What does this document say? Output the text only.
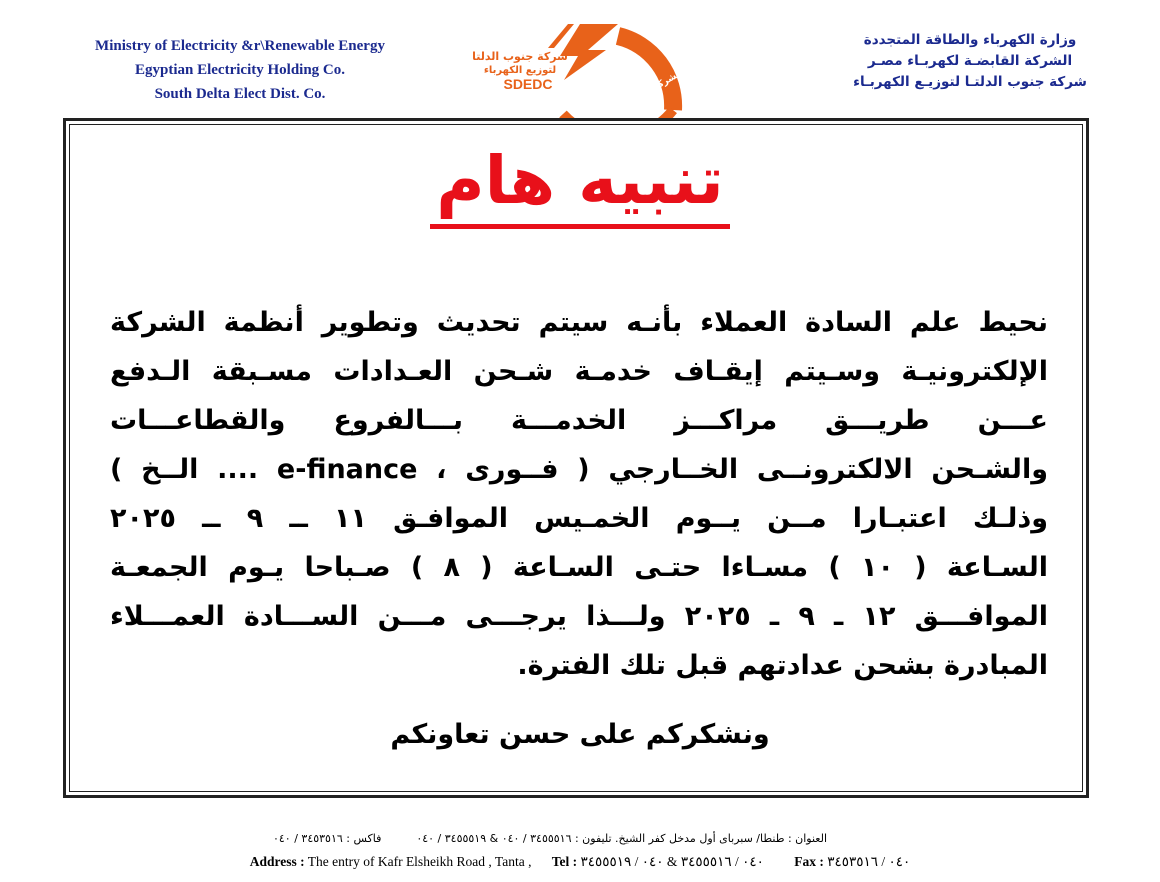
Ministry of Electricity &r\Renewable Energy
Egyptian Electricity Holding Co.
South Delta Elect Dist. Co.
شركة جنوب الدلتا
لتوزيع الكهرباء
SDEDC الشركة القابضة لكهرباء مصر
وزارة الكهرباء والطاقة المتجددة
الشركة القابضـة لكهربـاء مصـر
شركة جنوب الدلتـا لتوزيـع الكهربـاء
تنبيه هام
نحيط علم السادة العملاء بأنـه سيتم تحديث وتطوير أنظمة الشركة
الإلكترونيـة وسـيتم إيقـاف خدمـة شـحن العـدادات مسـبقة الـدفع
عـــن طريـــق مراكـــز الخدمـــة بـــالفروع والقطاعـــات
والشـحن الالكترونــى الخــارجي ( فــورى ، e-finance .... الــخ )
وذلـك اعتبـارا مــن يــوم الخمـيس الموافـق ١١ ــ ٩ ــ ٢٠٢٥
السـاعة ( ١٠ ) مسـاءا حتـى السـاعة ( ٨ ) صـباحا يـوم الجمعـة
الموافـــق ١٢ ـ ٩ ـ ٢٠٢٥ ولـــذا يرجـــى مـــن الســـادة العمـــلاء
المبادرة بشحن عدادتهم قبل تلك الفترة.
ونشكركم على حسن تعاونكم
العنوان : طنطا/ سبرباى أول مدخل كفر الشيخ. تليفون : ٣٤٥٥٥١٦ / ٠٤٠ & ٣٤٥٥٥١٩ / ٠٤٠          فاكس : ٣٤٥٣٥١٦ / ٠٤٠
Address : The entry of Kafr Elsheikh Road , Tanta , Tel : ٠٤٠ / ٣٤٥٥٥١٦ & ٠٤٠ / ٣٤٥٥٥١٩ Fax : ٠٤٠ / ٣٤٥٣٥١٦
